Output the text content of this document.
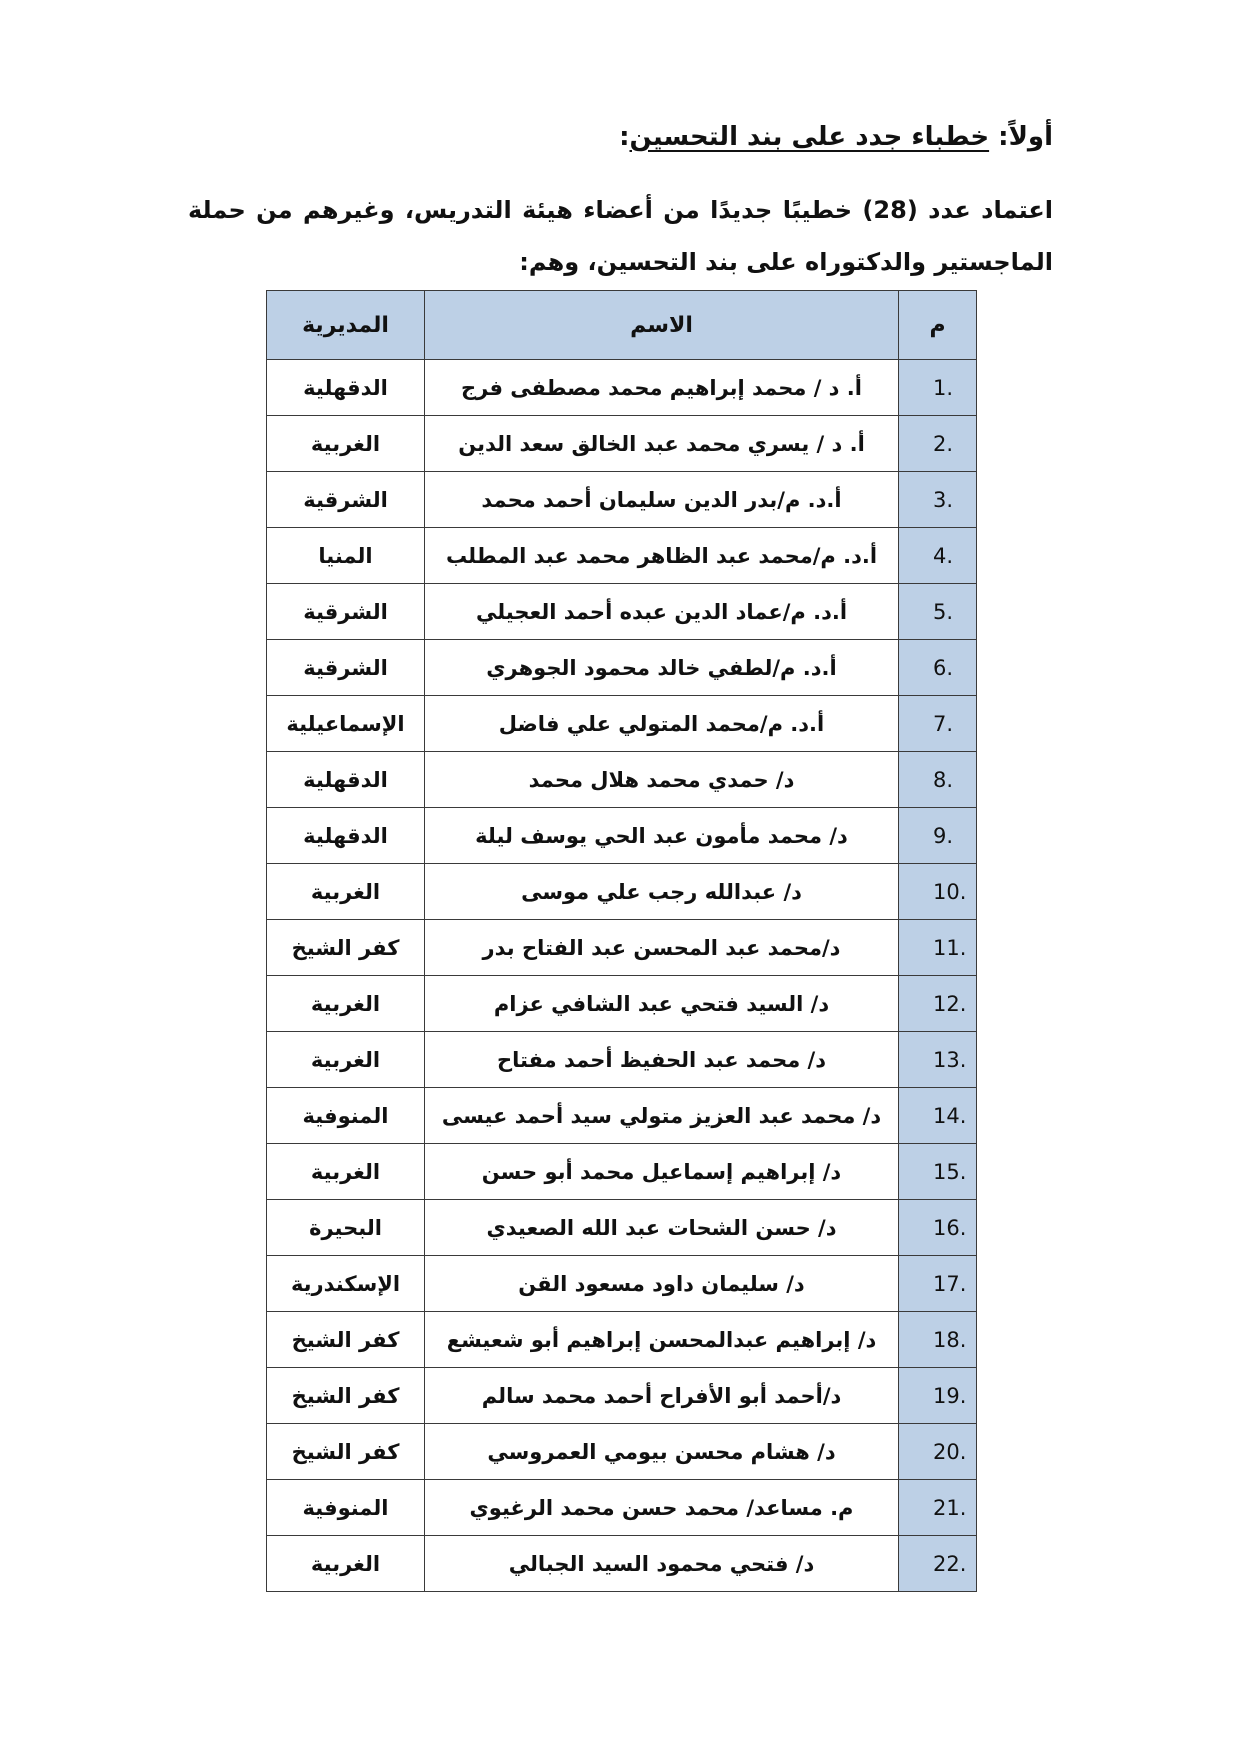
أولاً: خطباء جدد على بند التحسين:
اعتماد عدد (28) خطيبًا جديدًا من أعضاء هيئة التدريس، وغيرهم من حملة الماجستير والدكتوراه على بند التحسين، وهم:
م	الاسم	المديرية
1.	أ. د / محمد إبراهيم محمد مصطفى فرج	الدقهلية
2.	أ. د / يسري محمد عبد الخالق سعد الدين	الغربية
3.	أ.د. م/بدر الدين سليمان أحمد محمد	الشرقية
4.	أ.د. م/محمد عبد الظاهر محمد عبد المطلب	المنيا
5.	أ.د. م/عماد الدين عبده أحمد العجيلي	الشرقية
6.	أ.د. م/لطفي خالد محمود الجوهري	الشرقية
7.	أ.د. م/محمد المتولي علي فاضل	الإسماعيلية
8.	د/ حمدي محمد هلال محمد	الدقهلية
9.	د/ محمد مأمون عبد الحي يوسف ليلة	الدقهلية
10.	د/ عبدالله رجب علي موسى	الغربية
11.	د/محمد عبد المحسن عبد الفتاح بدر	كفر الشيخ
12.	د/ السيد فتحي عبد الشافي عزام	الغربية
13.	د/ محمد عبد الحفيظ أحمد مفتاح	الغربية
14.	د/ محمد عبد العزيز متولي سيد أحمد عيسى	المنوفية
15.	د/ إبراهيم إسماعيل محمد أبو حسن	الغربية
16.	د/ حسن الشحات عبد الله الصعيدي	البحيرة
17.	د/ سليمان داود مسعود القن	الإسكندرية
18.	د/ إبراهيم عبدالمحسن إبراهيم أبو شعيشع	كفر الشيخ
19.	د/أحمد أبو الأفراح أحمد محمد سالم	كفر الشيخ
20.	د/ هشام محسن بيومي العمروسي	كفر الشيخ
21.	م. مساعد/ محمد حسن محمد الرغيوي	المنوفية
22.	د/ فتحي محمود السيد الجبالي	الغربية
